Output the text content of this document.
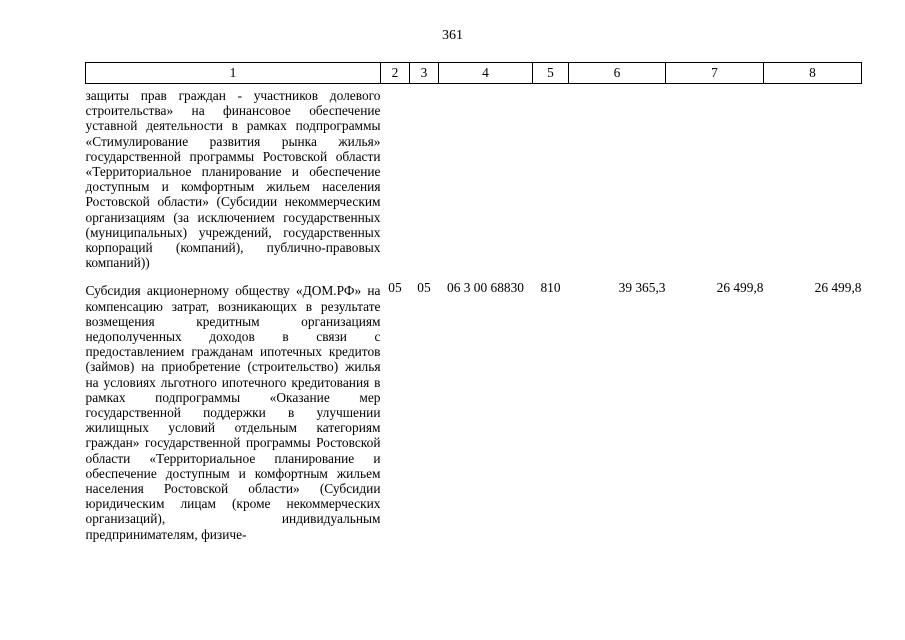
361
1	2	3	4	5	6	7	8
защиты прав граждан - участников долевого строительства» на финансовое обеспечение уставной деятельности в рамках подпрограммы «Стимулирование развития рынка жилья» государственной программы Ростовской области «Территориальное планирование и обеспечение доступным и комфортным жильем населения Ростовской области» (Субсидии некоммерческим организациям (за исключением государственных (муниципальных) учреждений, государственных корпораций (компаний), публично-правовых компаний))							

Субсидия акционерному обществу «ДОМ.РФ» на компенсацию затрат, возникающих в результате возмещения кредитным организациям недополученных доходов в связи с предоставлением гражданам ипотечных кредитов (займов) на приобретение (строительство) жилья на условиях льготного ипотечного кредитования в рамках подпрограммы «Оказание мер государственной поддержки в улучшении жилищных условий отдельным категориям граждан» государственной программы Ростовской области «Территориальное планирование и обеспечение доступным и комфортным жильем населения Ростовской области» (Субсидии юридическим лицам (кроме некоммерческих организаций), индивидуальным предпринимателям, физиче-	05	05	06 3 00 68830	810	39 365,3	26 499,8	26 499,8
